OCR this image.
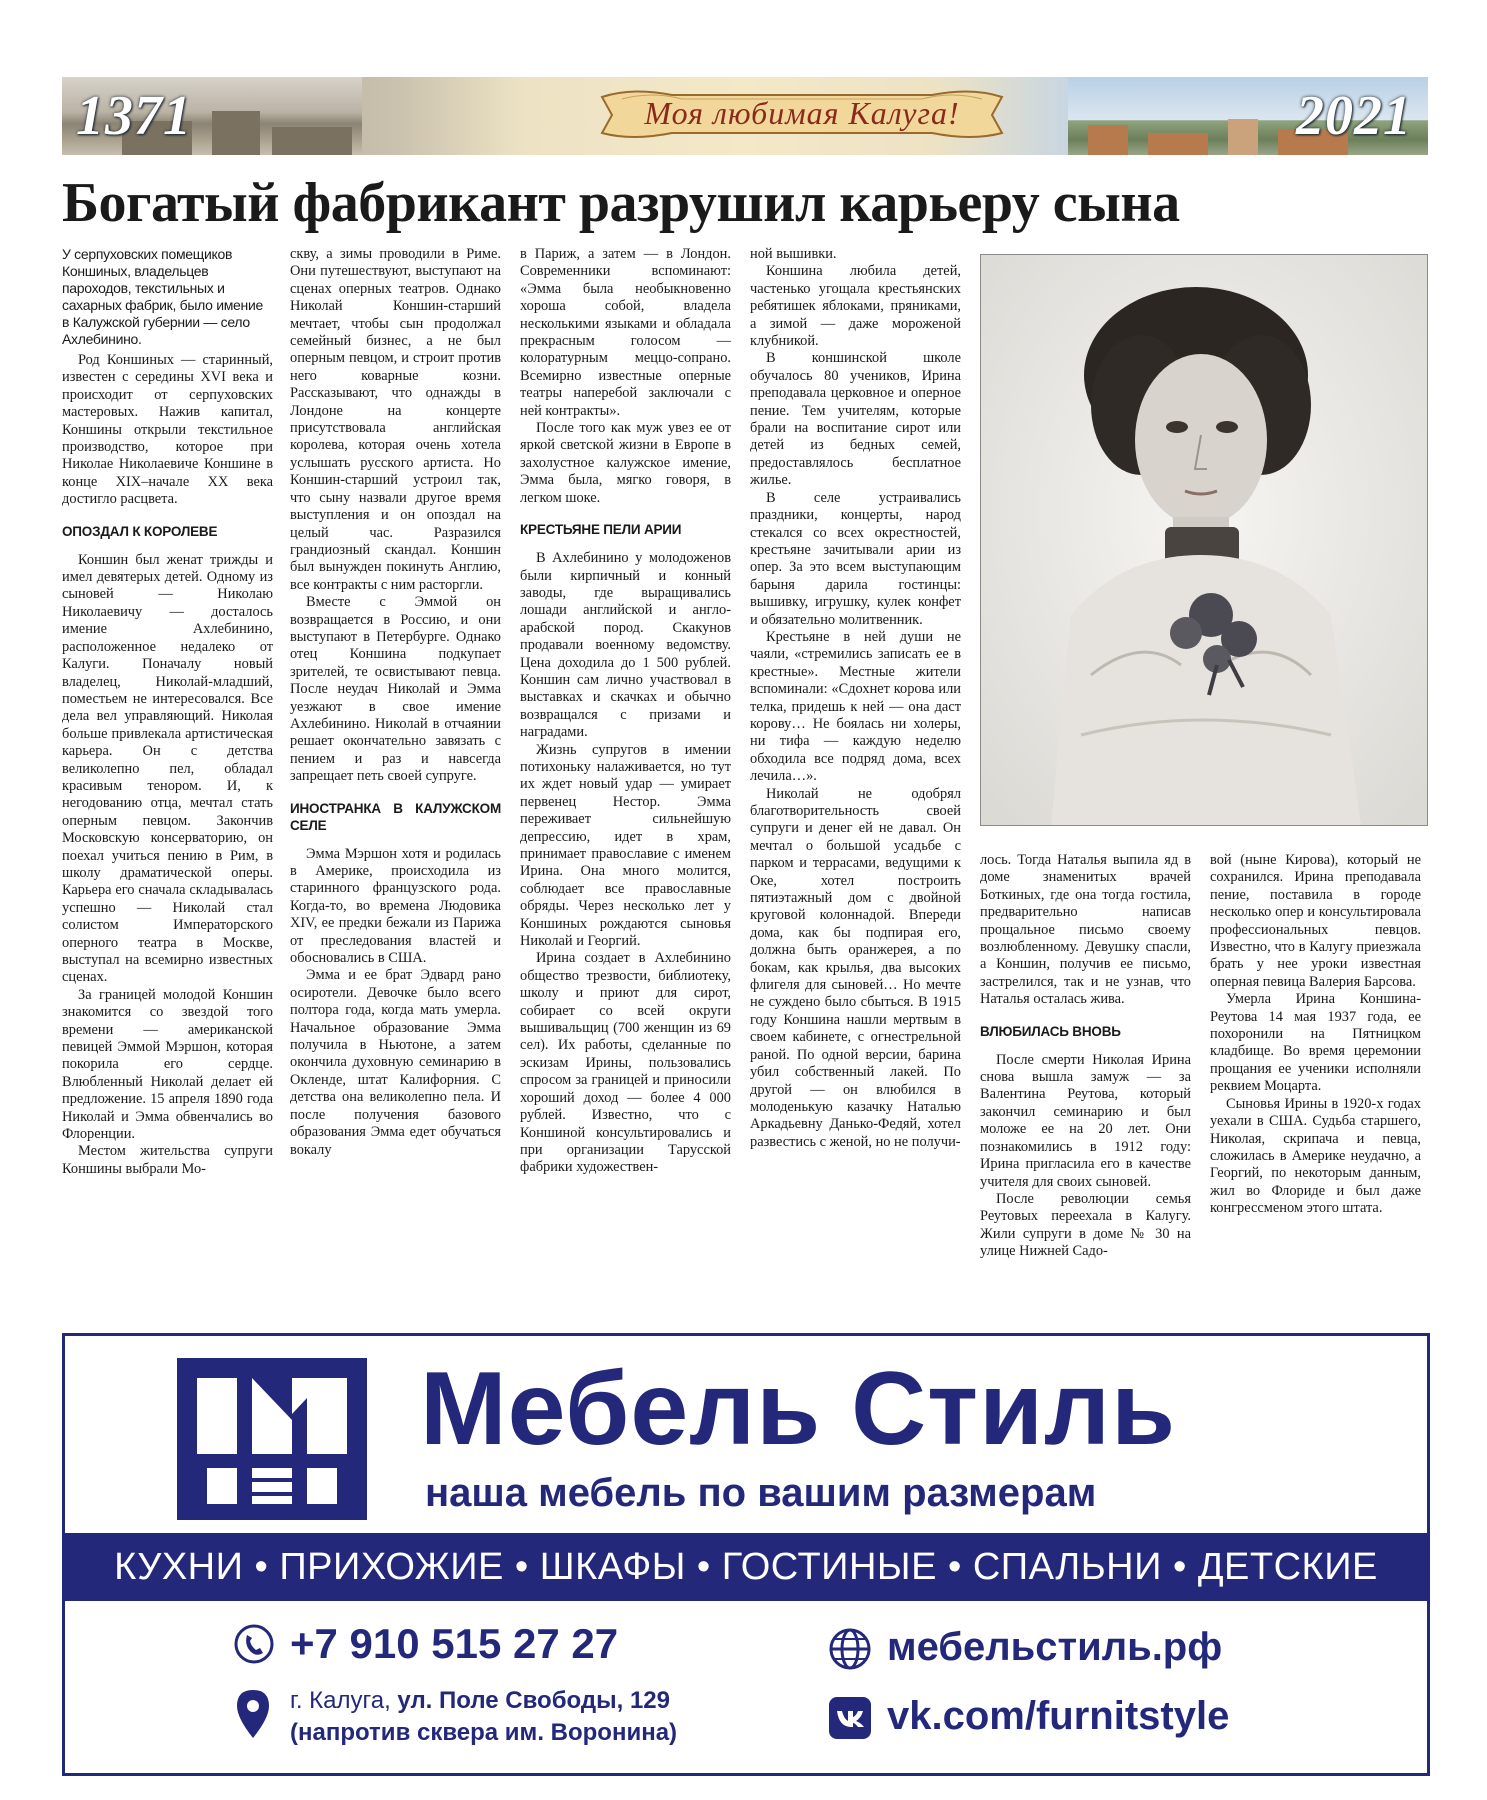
Моя любимая Калуга!
1371	2021
Богатый фабрикант разрушил карьеру сына
У серпуховских помещиков Коншиных, владельцев пароходов, текстильных и сахарных фабрик, было имение в Калужской губернии — село Ахлебинино.

Род Коншиных — старинный, известен с середины XVI века и происходит от серпуховских мастеровых. Нажив капитал, Коншины открыли текстильное производство, которое при Николае Николаевиче Коншине в конце XIX–начале XX века достигло расцвета.

ОПОЗДАЛ К КОРОЛЕВЕ

Коншин был женат трижды и имел девятерых детей. Одному из сыновей — Николаю Николаевичу — досталось имение Ахлебинино, расположенное недалеко от Калуги. Поначалу новый владелец, Николай-младший, поместьем не интересовался. Все дела вел управляющий. Николая больше привлекала артистическая карьера. Он с детства великолепно пел, обладал красивым тенором. И, к негодованию отца, мечтал стать оперным певцом. Закончив Московскую консерваторию, он поехал учиться пению в Рим, в школу драматической оперы. Карьера его сначала складывалась успешно — Николай стал солистом Императорского оперного театра в Москве, выступал на всемирно известных сценах.

За границей молодой Коншин знакомится со звездой того времени — американской певицей Эммой Мэршон, которая покорила его сердце. Влюбленный Николай делает ей предложение. 15 апреля 1890 года Николай и Эмма обвенчались во Флоренции.

Местом жительства супруги Коншины выбрали Мо-

скву, а зимы проводили в Риме. Они путешествуют, выступают на сценах оперных театров. Однако Николай Коншин-старший мечтает, чтобы сын продолжал семейный бизнес, а не был оперным певцом, и строит против него коварные козни. Рассказывают, что однажды в Лондоне на концерте присутствовала английская королева, которая очень хотела услышать русского артиста. Но Коншин-старший устроил так, что сыну назвали другое время выступления и он опоздал на целый час. Разразился грандиозный скандал. Коншин был вынужден покинуть Англию, все контракты с ним расторгли.

Вместе с Эммой он возвращается в Россию, и они выступают в Петербурге. Однако отец Коншина подкупает зрителей, те освистывают певца. После неудач Николай и Эмма уезжают в свое имение Ахлебинино. Николай в отчаянии решает окончательно завязать с пением и раз и навсегда запрещает петь своей супруге.

ИНОСТРАНКА В КАЛУЖСКОМ СЕЛЕ

Эмма Мэршон хотя и родилась в Америке, происходила из старинного французского рода. Когда-то, во времена Людовика XIV, ее предки бежали из Парижа от преследования властей и обосновались в США.

Эмма и ее брат Эдвард рано осиротели. Девочке было всего полтора года, когда мать умерла. Начальное образование Эмма получила в Ньютоне, а затем окончила духовную семинарию в Окленде, штат Калифорния. С детства она великолепно пела. И после получения базового образования Эмма едет обучаться вокалу

в Париж, а затем — в Лондон. Современники вспоминают: «Эмма была необыкновенно хороша собой, владела несколькими языками и обладала прекрасным голосом — колоратурным меццо-сопрано. Всемирно известные оперные театры наперебой заключали с ней контракты».

После того как муж увез ее от яркой светской жизни в Европе в захолустное калужское имение, Эмма была, мягко говоря, в легком шоке.

КРЕСТЬЯНЕ ПЕЛИ АРИИ

В Ахлебинино у молодоженов были кирпичный и конный заводы, где выращивались лошади английской и англо-арабской пород. Скакунов продавали военному ведомству. Цена доходила до 1 500 рублей. Коншин сам лично участвовал в выставках и скачках и обычно возвращался с призами и наградами.

Жизнь супругов в имении потихоньку налаживается, но тут их ждет новый удар — умирает первенец Нестор. Эмма переживает сильнейшую депрессию, идет в храм, принимает православие с именем Ирина. Она много молится, соблюдает все православные обряды. Через несколько лет у Коншиных рождаются сыновья Николай и Георгий.

Ирина создает в Ахлебинино общество трезвости, библиотеку, школу и приют для сирот, собирает со всей округи вышивальщиц (700 женщин из 69 сел). Их работы, сделанные по эскизам Ирины, пользовались спросом за границей и приносили хороший доход — более 4 000 рублей. Известно, что с Коншиной консультировались и при организации Тарусской фабрики художествен-

ной вышивки.

Коншина любила детей, частенько угощала крестьянских ребятишек яблоками, пряниками, а зимой — даже мороженой клубникой.

В коншинской школе обучалось 80 учеников, Ирина преподавала церковное и оперное пение. Тем учителям, которые брали на воспитание сирот или детей из бедных семей, предоставлялось бесплатное жилье.

В селе устраивались праздники, концерты, народ стекался со всех окрестностей, крестьяне зачитывали арии из опер. За это всем выступающим барыня дарила гостинцы: вышивку, игрушку, кулек конфет и обязательно молитвенник.

Крестьяне в ней души не чаяли, «стремились записать ее в крестные». Местные жители вспоминали: «Сдохнет корова или телка, придешь к ней — она даст корову… Не боялась ни холеры, ни тифа — каждую неделю обходила все подряд дома, всех лечила…».

Николай не одобрял благотворительность своей супруги и денег ей не давал. Он мечтал о большой усадьбе с парком и террасами, ведущими к Оке, хотел построить пятиэтажный дом с двойной круговой колоннадой. Впереди дома, как бы подпирая его, должна быть оранжерея, а по бокам, как крылья, два высоких флигеля для сыновей… Но мечте не суждено было сбыться. В 1915 году Коншина нашли мертвым в своем кабинете, с огнестрельной раной. По одной версии, барина убил собственный лакей. По другой — он влюбился в молоденькую казачку Наталью Аркадьевну Данько-Федяй, хотел развестись с женой, но не получи-

лось. Тогда Наталья выпила яд в доме знаменитых врачей Боткиных, где она тогда гостила, предварительно написав прощальное письмо своему возлюбленному. Девушку спасли, а Коншин, получив ее письмо, застрелился, так и не узнав, что Наталья осталась жива.

ВЛЮБИЛАСЬ ВНОВЬ

После смерти Николая Ирина снова вышла замуж — за Валентина Реутова, который закончил семинарию и был моложе ее на 20 лет. Они познакомились в 1912 году: Ирина пригласила его в качестве учителя для своих сыновей.

После революции семья Реутовых переехала в Калугу. Жили супруги в доме № 30 на улице Нижней Садо-

вой (ныне Кирова), который не сохранился. Ирина преподавала пение, поставила в городе несколько опер и консультировала профессиональных певцов. Известно, что в Калугу приезжала брать у нее уроки известная оперная певица Валерия Барсова.

Умерла Ирина Коншина-Реутова 14 мая 1937 года, ее похоронили на Пятницком кладбище. Во время церемонии прощания ее ученики исполняли реквием Моцарта.

Сыновья Ирины в 1920-х годах уехали в США. Судьба старшего, Николая, скрипача и певца, сложилась в Америке неудачно, а Георгий, по некоторым данным, жил во Флориде и был даже конгрессменом этого штата.

Мебель Стиль
наша мебель по вашим размерам
КУХНИ • ПРИХОЖИЕ • ШКАФЫ • ГОСТИНЫЕ • СПАЛЬНИ • ДЕТСКИЕ
+7 910 515 27 27
г. Калуга, ул. Поле Свободы, 129
(напротив сквера им. Воронина)
мебельстиль.рф
vk.com/furnitstyle
